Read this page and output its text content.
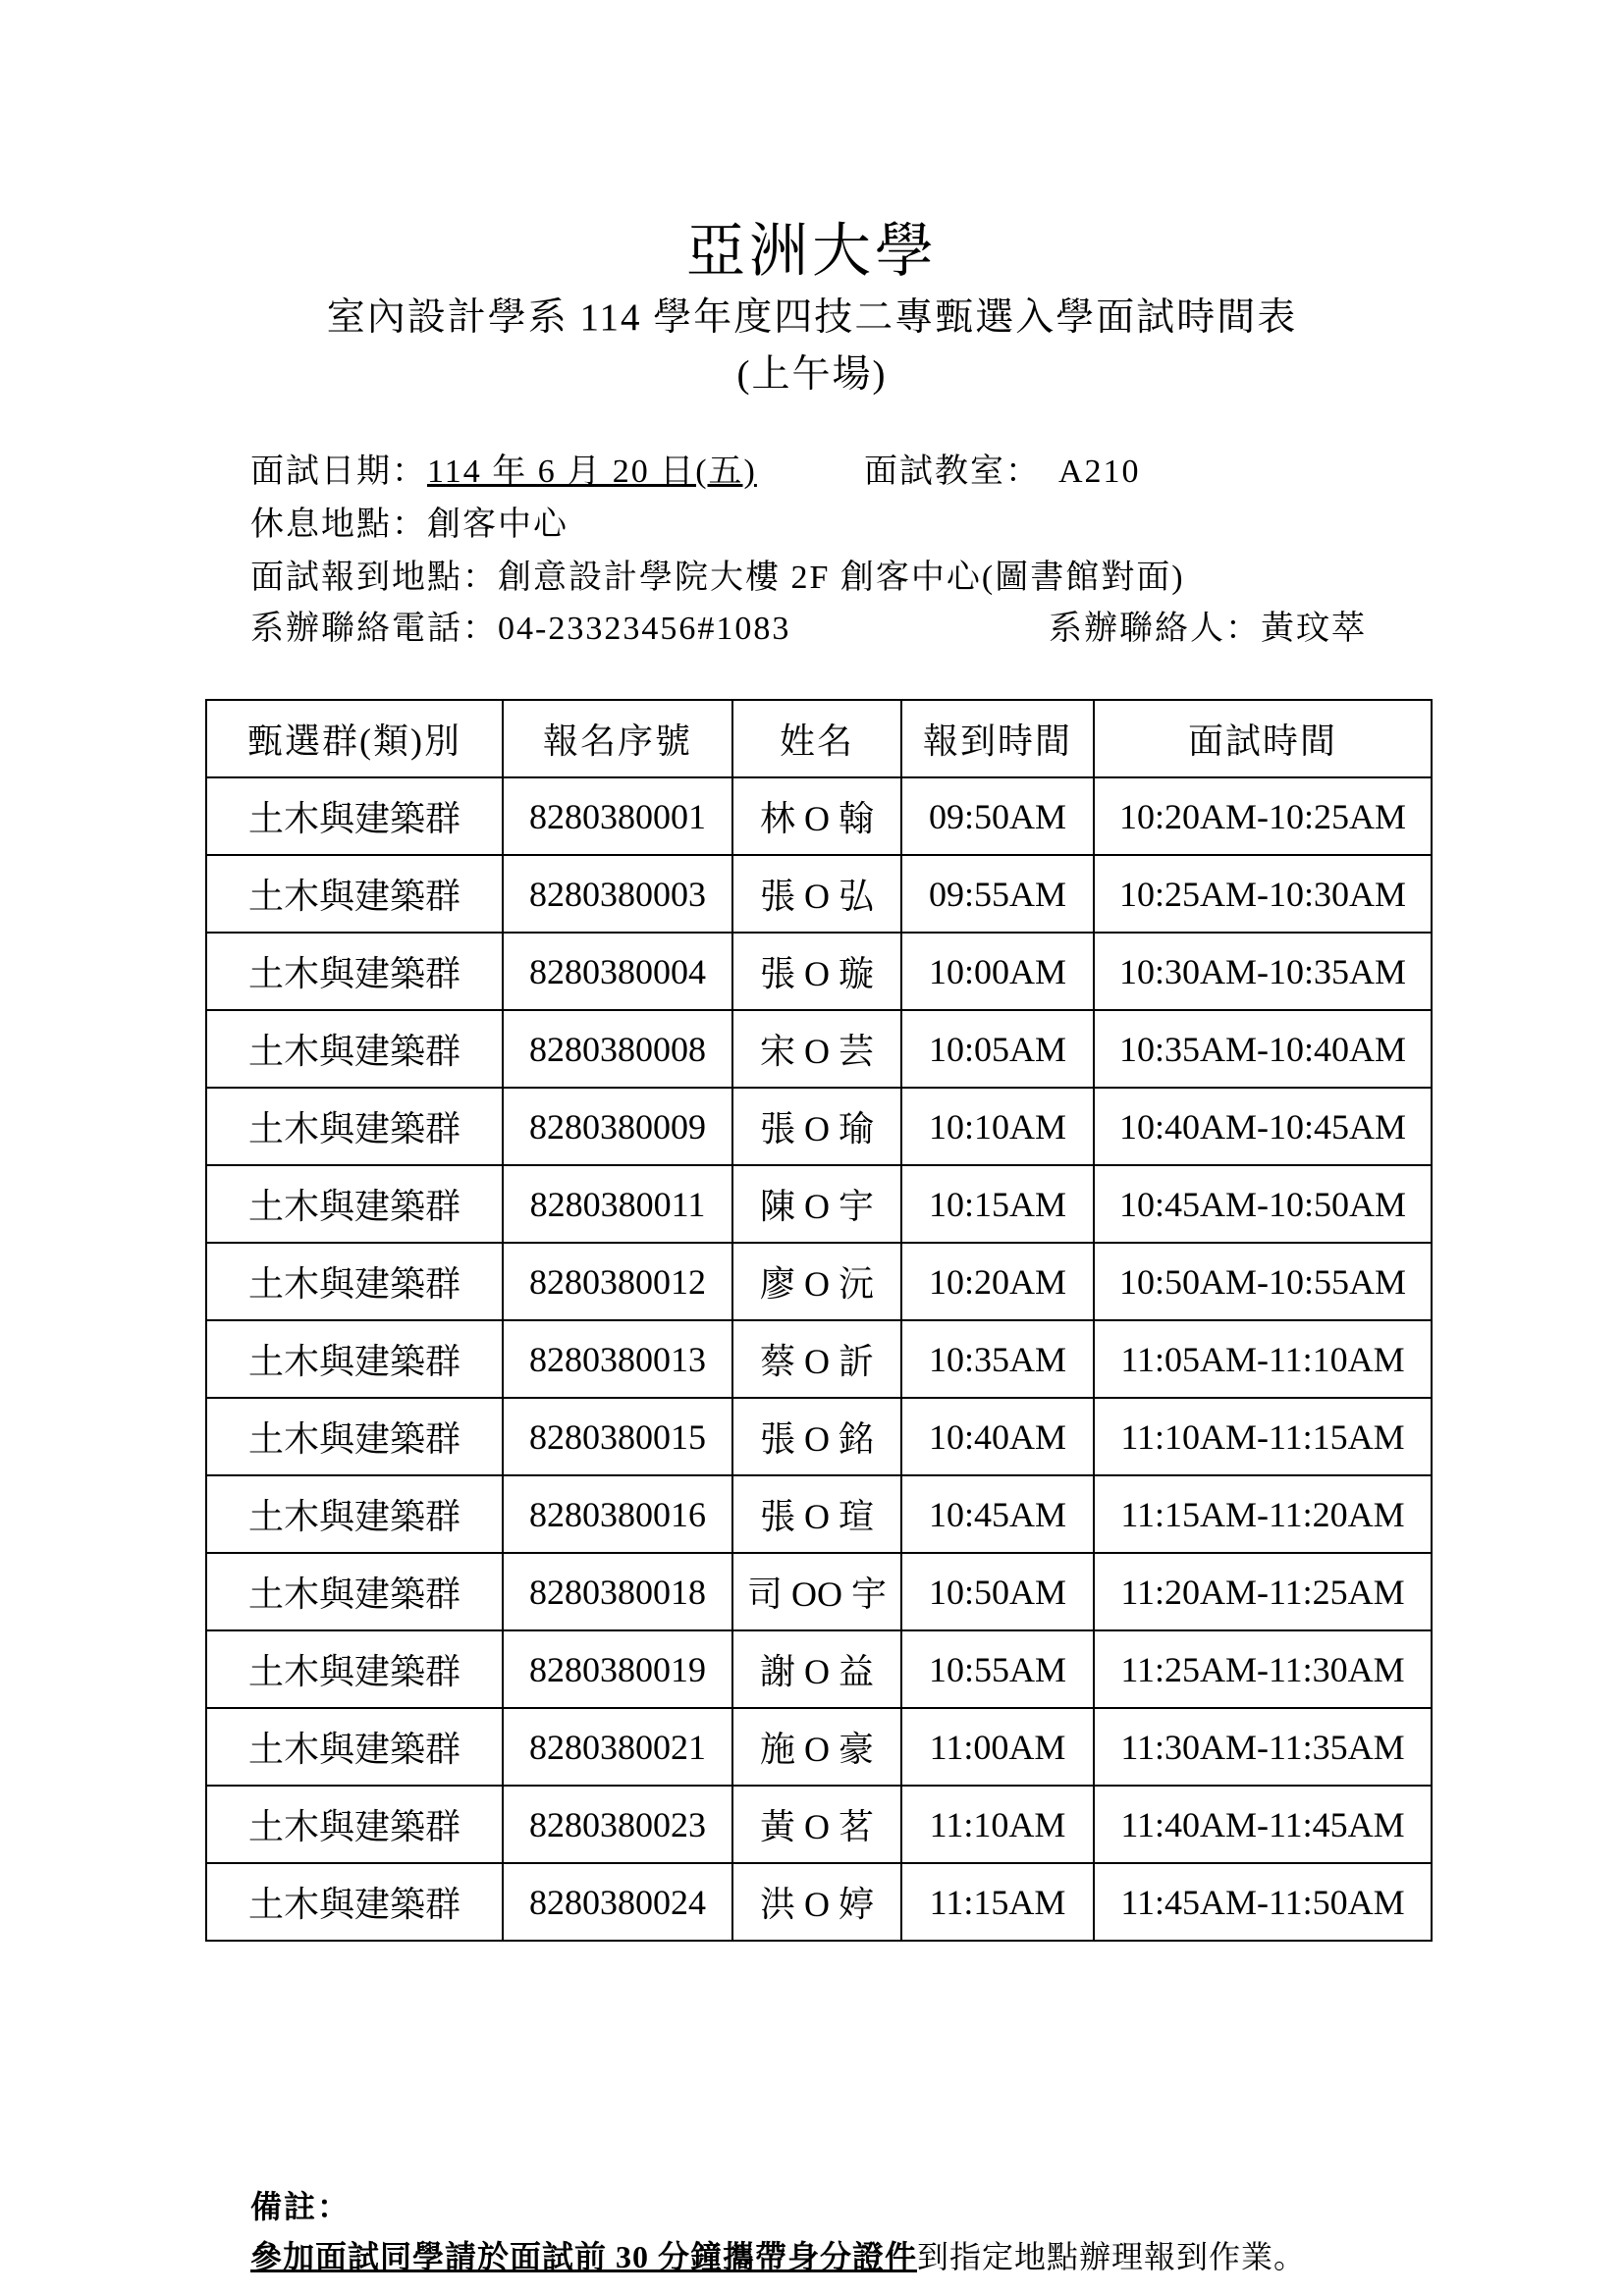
亞洲大學
室內設計學系 114 學年度四技二專甄選入學面試時間表
(上午場)
面試日期：114 年 6 月 20 日(五)	面試教室： A210
休息地點：創客中心
面試報到地點：創意設計學院大樓 2F 創客中心(圖書館對面)
系辦聯絡電話：04-23323456#1083	系辦聯絡人：黃玟萃
甄選群(類)別	報名序號	姓名	報到時間	面試時間
土木與建築群	8280380001	林 O 翰	09:50AM	10:20AM-10:25AM
土木與建築群	8280380003	張 O 弘	09:55AM	10:25AM-10:30AM
土木與建築群	8280380004	張 O 璇	10:00AM	10:30AM-10:35AM
土木與建築群	8280380008	宋 O 芸	10:05AM	10:35AM-10:40AM
土木與建築群	8280380009	張 O 瑜	10:10AM	10:40AM-10:45AM
土木與建築群	8280380011	陳 O 宇	10:15AM	10:45AM-10:50AM
土木與建築群	8280380012	廖 O 沅	10:20AM	10:50AM-10:55AM
土木與建築群	8280380013	蔡 O 訢	10:35AM	11:05AM-11:10AM
土木與建築群	8280380015	張 O 銘	10:40AM	11:10AM-11:15AM
土木與建築群	8280380016	張 O 瑄	10:45AM	11:15AM-11:20AM
土木與建築群	8280380018	司 OO 宇	10:50AM	11:20AM-11:25AM
土木與建築群	8280380019	謝 O 益	10:55AM	11:25AM-11:30AM
土木與建築群	8280380021	施 O 豪	11:00AM	11:30AM-11:35AM
土木與建築群	8280380023	黃 O 茗	11:10AM	11:40AM-11:45AM
土木與建築群	8280380024	洪 O 婷	11:15AM	11:45AM-11:50AM
備註：
參加面試同學請於面試前 30 分鐘攜帶身分證件到指定地點辦理報到作業。
